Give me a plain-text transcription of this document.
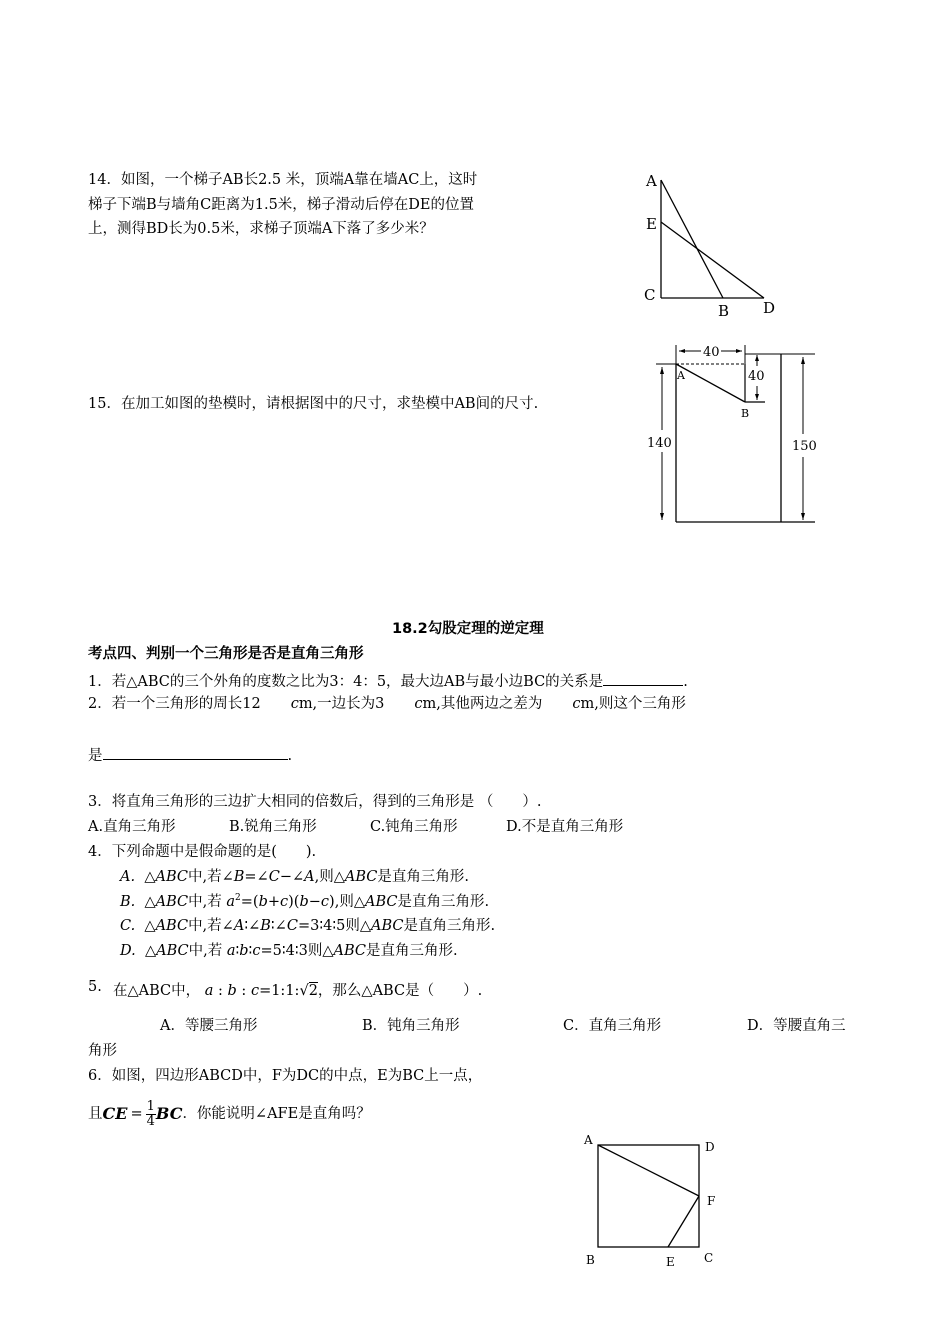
14．如图，一个梯子AB长2.5 米，顶端A靠在墙AC上，这时
梯子下端B与墙角C距离为1.5米，梯子滑动后停在DE的位置
上，测得BD长为0.5米，求梯子顶端A下落了多少米？
A
E
C
B D
15．在加工如图的垫模时，请根据图中的尺寸，求垫模中AB间的尺寸.
40
40
A
B
140	150
18.2勾股定理的逆定理
考点四、判别一个三角形是否是直角三角形
1．若△ABC的三个外角的度数之比为3：4：5，最大边AB与最小边BC的关系是	.
2．若一个三角形的周长12 cm,一边长为3 cm,其他两边之差为 cm,则这个三角形
是	.
3．将直角三角形的三边扩大相同的倍数后，得到的三角形是 （　　）.
A.直角三角形	B.锐角三角形	C.钝角三角形	D.不是直角三角形
4．下列命题中是假命题的是(　　).
A. △ABC中,若∠B=∠C−∠A,则△ABC是直角三角形.
B. △ABC中,若 $a^2=(b+c)(b-c)$,则△ABC是直角三角形.
C. △ABC中,若∠A∶∠B∶∠C=3∶4∶5则△ABC是直角三角形.
D. △ABC中,若 a∶b∶c=5∶4∶3则△ABC是直角三角形.
5. 在△ABC中， a : b : c=1:1:√2，那么△ABC是（　　）.
A．等腰三角形	B．钝角三角形	C．直角三角形	D．等腰直角三
角形
6．如图，四边形ABCD中，F为DC的中点，E为BC上一点，
且CE = $\frac{1}{4}$ BC．你能说明∠AFE是直角吗？
A	D
F
B	E C
